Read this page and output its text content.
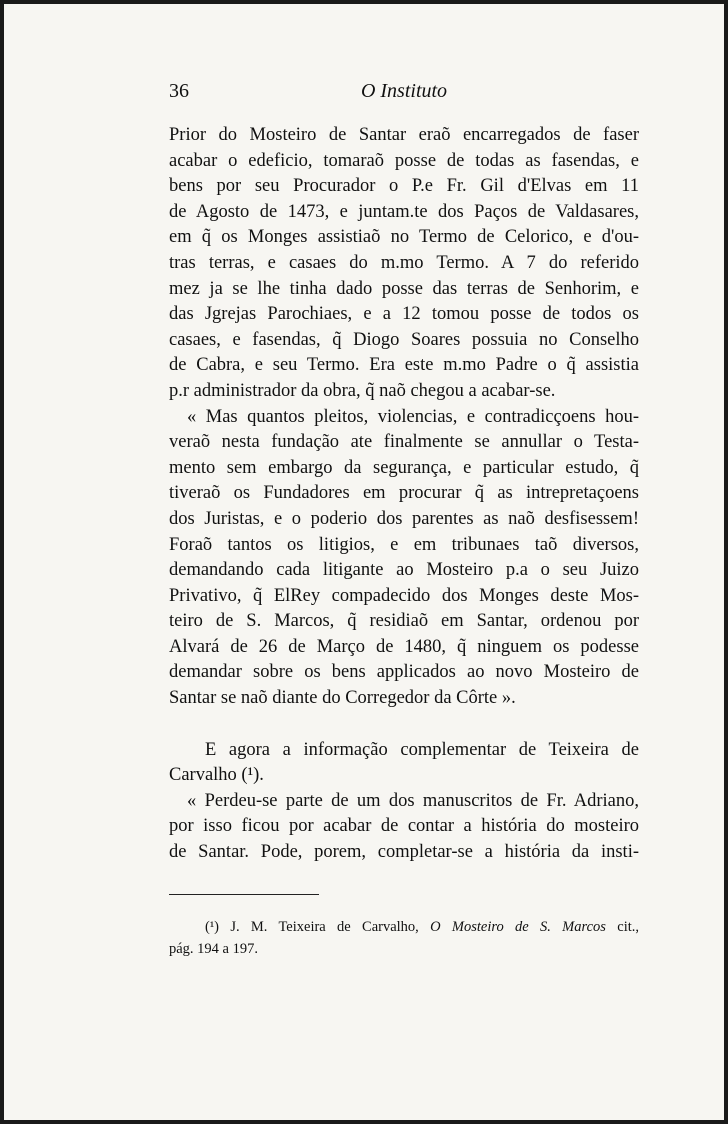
36	O Instituto
Prior do Mosteiro de Santar eraõ encarregados de faser
acabar o edeficio, tomaraõ posse de todas as fasendas, e
bens por seu Procurador o P.e Fr. Gil d'Elvas em 11
de Agosto de 1473, e juntam.te dos Paços de Valdasares,
em q̃ os Monges assistiaõ no Termo de Celorico, e d'ou-
tras terras, e casaes do m.mo Termo. A 7 do referido
mez ja se lhe tinha dado posse das terras de Senhorim, e
das Jgrejas Parochiaes, e a 12 tomou posse de todos os
casaes, e fasendas, q̃ Diogo Soares possuia no Conselho
de Cabra, e seu Termo. Era este m.mo Padre o q̃ assistia
p.r administrador da obra, q̃ naõ chegou a acabar-se.
« Mas quantos pleitos, violencias, e contradicçoens hou-
veraõ nesta fundação ate finalmente se annullar o Testa-
mento sem embargo da segurança, e particular estudo, q̃
tiveraõ os Fundadores em procurar q̃ as intrepretaçoens
dos Juristas, e o poderio dos parentes as naõ desfisessem!
Foraõ tantos os litigios, e em tribunaes taõ diversos,
demandando cada litigante ao Mosteiro p.a o seu Juizo
Privativo, q̃ ElRey compadecido dos Monges deste Mos-
teiro de S. Marcos, q̃ residiaõ em Santar, ordenou por
Alvará de 26 de Março de 1480, q̃ ninguem os podesse
demandar sobre os bens applicados ao novo Mosteiro de
Santar se naõ diante do Corregedor da Côrte ».
E agora a informação complementar de Teixeira de
Carvalho (¹).
« Perdeu-se parte de um dos manuscritos de Fr. Adriano,
por isso ficou por acabar de contar a história do mosteiro
de Santar. Pode, porem, completar-se a história da insti-
(¹) J. M. Teixeira de Carvalho, O Mosteiro de S. Marcos cit.,
pág. 194 a 197.
